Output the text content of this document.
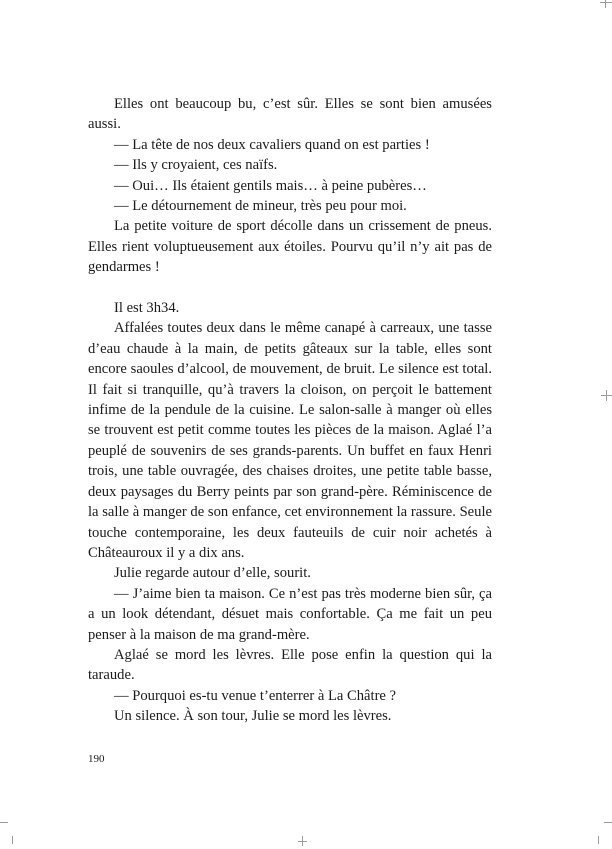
Elles ont beaucoup bu, c’est sûr. Elles se sont bien amusées aussi.

— La tête de nos deux cavaliers quand on est parties !

— Ils y croyaient, ces naïfs.

— Oui… Ils étaient gentils mais… à peine pubères…

— Le détournement de mineur, très peu pour moi.

La petite voiture de sport décolle dans un crissement de pneus. Elles rient voluptueusement aux étoiles. Pourvu qu’il n’y ait pas de gendarmes !

Il est 3h34.

Affalées toutes deux dans le même canapé à carreaux, une tasse d’eau chaude à la main, de petits gâteaux sur la table, elles sont encore saoules d’alcool, de mouvement, de bruit. Le silence est total. Il fait si tranquille, qu’à travers la cloison, on perçoit le battement infime de la pendule de la cuisine. Le salon-salle à manger où elles se trouvent est petit comme toutes les pièces de la maison. Aglaé l’a peuplé de souvenirs de ses grands-parents. Un buffet en faux Henri trois, une table ouvragée, des chaises droites, une petite table basse, deux paysages du Berry peints par son grand-père. Réminiscence de la salle à manger de son enfance, cet environnement la rassure. Seule touche contemporaine, les deux fauteuils de cuir noir achetés à Châteauroux il y a dix ans.

Julie regarde autour d’elle, sourit.

— J’aime bien ta maison. Ce n’est pas très moderne bien sûr, ça a un look détendant, désuet mais confortable. Ça me fait un peu penser à la maison de ma grand-mère.

Aglaé se mord les lèvres. Elle pose enfin la question qui la taraude.

— Pourquoi es-tu venue t’enterrer à La Châtre ?

Un silence. À son tour, Julie se mord les lèvres.

190
